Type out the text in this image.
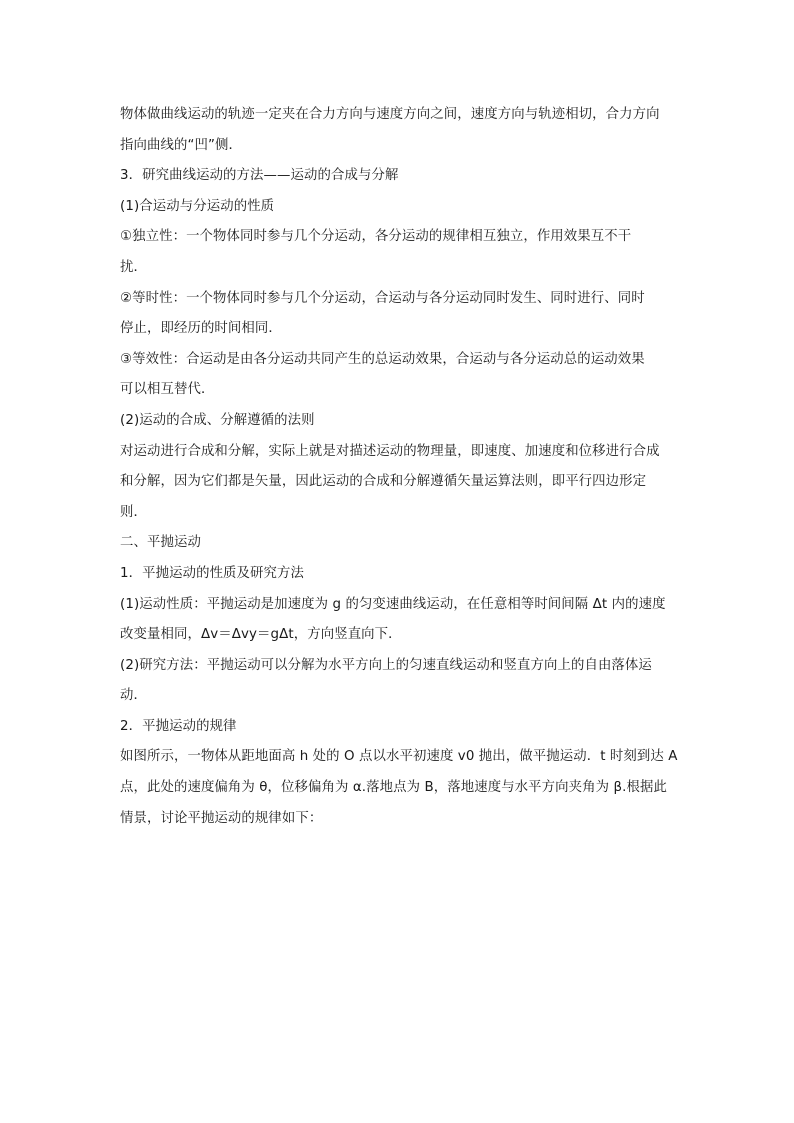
物体做曲线运动的轨迹一定夹在合力方向与速度方向之间，速度方向与轨迹相切，合力方向
指向曲线的“凹”侧．
3．研究曲线运动的方法——运动的合成与分解
(1)合运动与分运动的性质
①独立性：一个物体同时参与几个分运动，各分运动的规律相互独立，作用效果互不干
扰．
②等时性：一个物体同时参与几个分运动，合运动与各分运动同时发生、同时进行、同时
停止，即经历的时间相同．
③等效性：合运动是由各分运动共同产生的总运动效果，合运动与各分运动总的运动效果
可以相互替代．
(2)运动的合成、分解遵循的法则
对运动进行合成和分解，实际上就是对描述运动的物理量，即速度、加速度和位移进行合成
和分解，因为它们都是矢量，因此运动的合成和分解遵循矢量运算法则，即平行四边形定
则．
二、平抛运动
1．平抛运动的性质及研究方法
(1)运动性质：平抛运动是加速度为 g 的匀变速曲线运动，在任意相等时间间隔 Δt 内的速度
改变量相同，Δv＝Δvy＝gΔt，方向竖直向下．
(2)研究方法：平抛运动可以分解为水平方向上的匀速直线运动和竖直方向上的自由落体运
动．
2．平抛运动的规律
如图所示，一物体从距地面高 h 处的 O 点以水平初速度 v0 抛出，做平抛运动．t 时刻到达 A
点，此处的速度偏角为 θ，位移偏角为 α.落地点为 B，落地速度与水平方向夹角为 β.根据此
情景，讨论平抛运动的规律如下：
